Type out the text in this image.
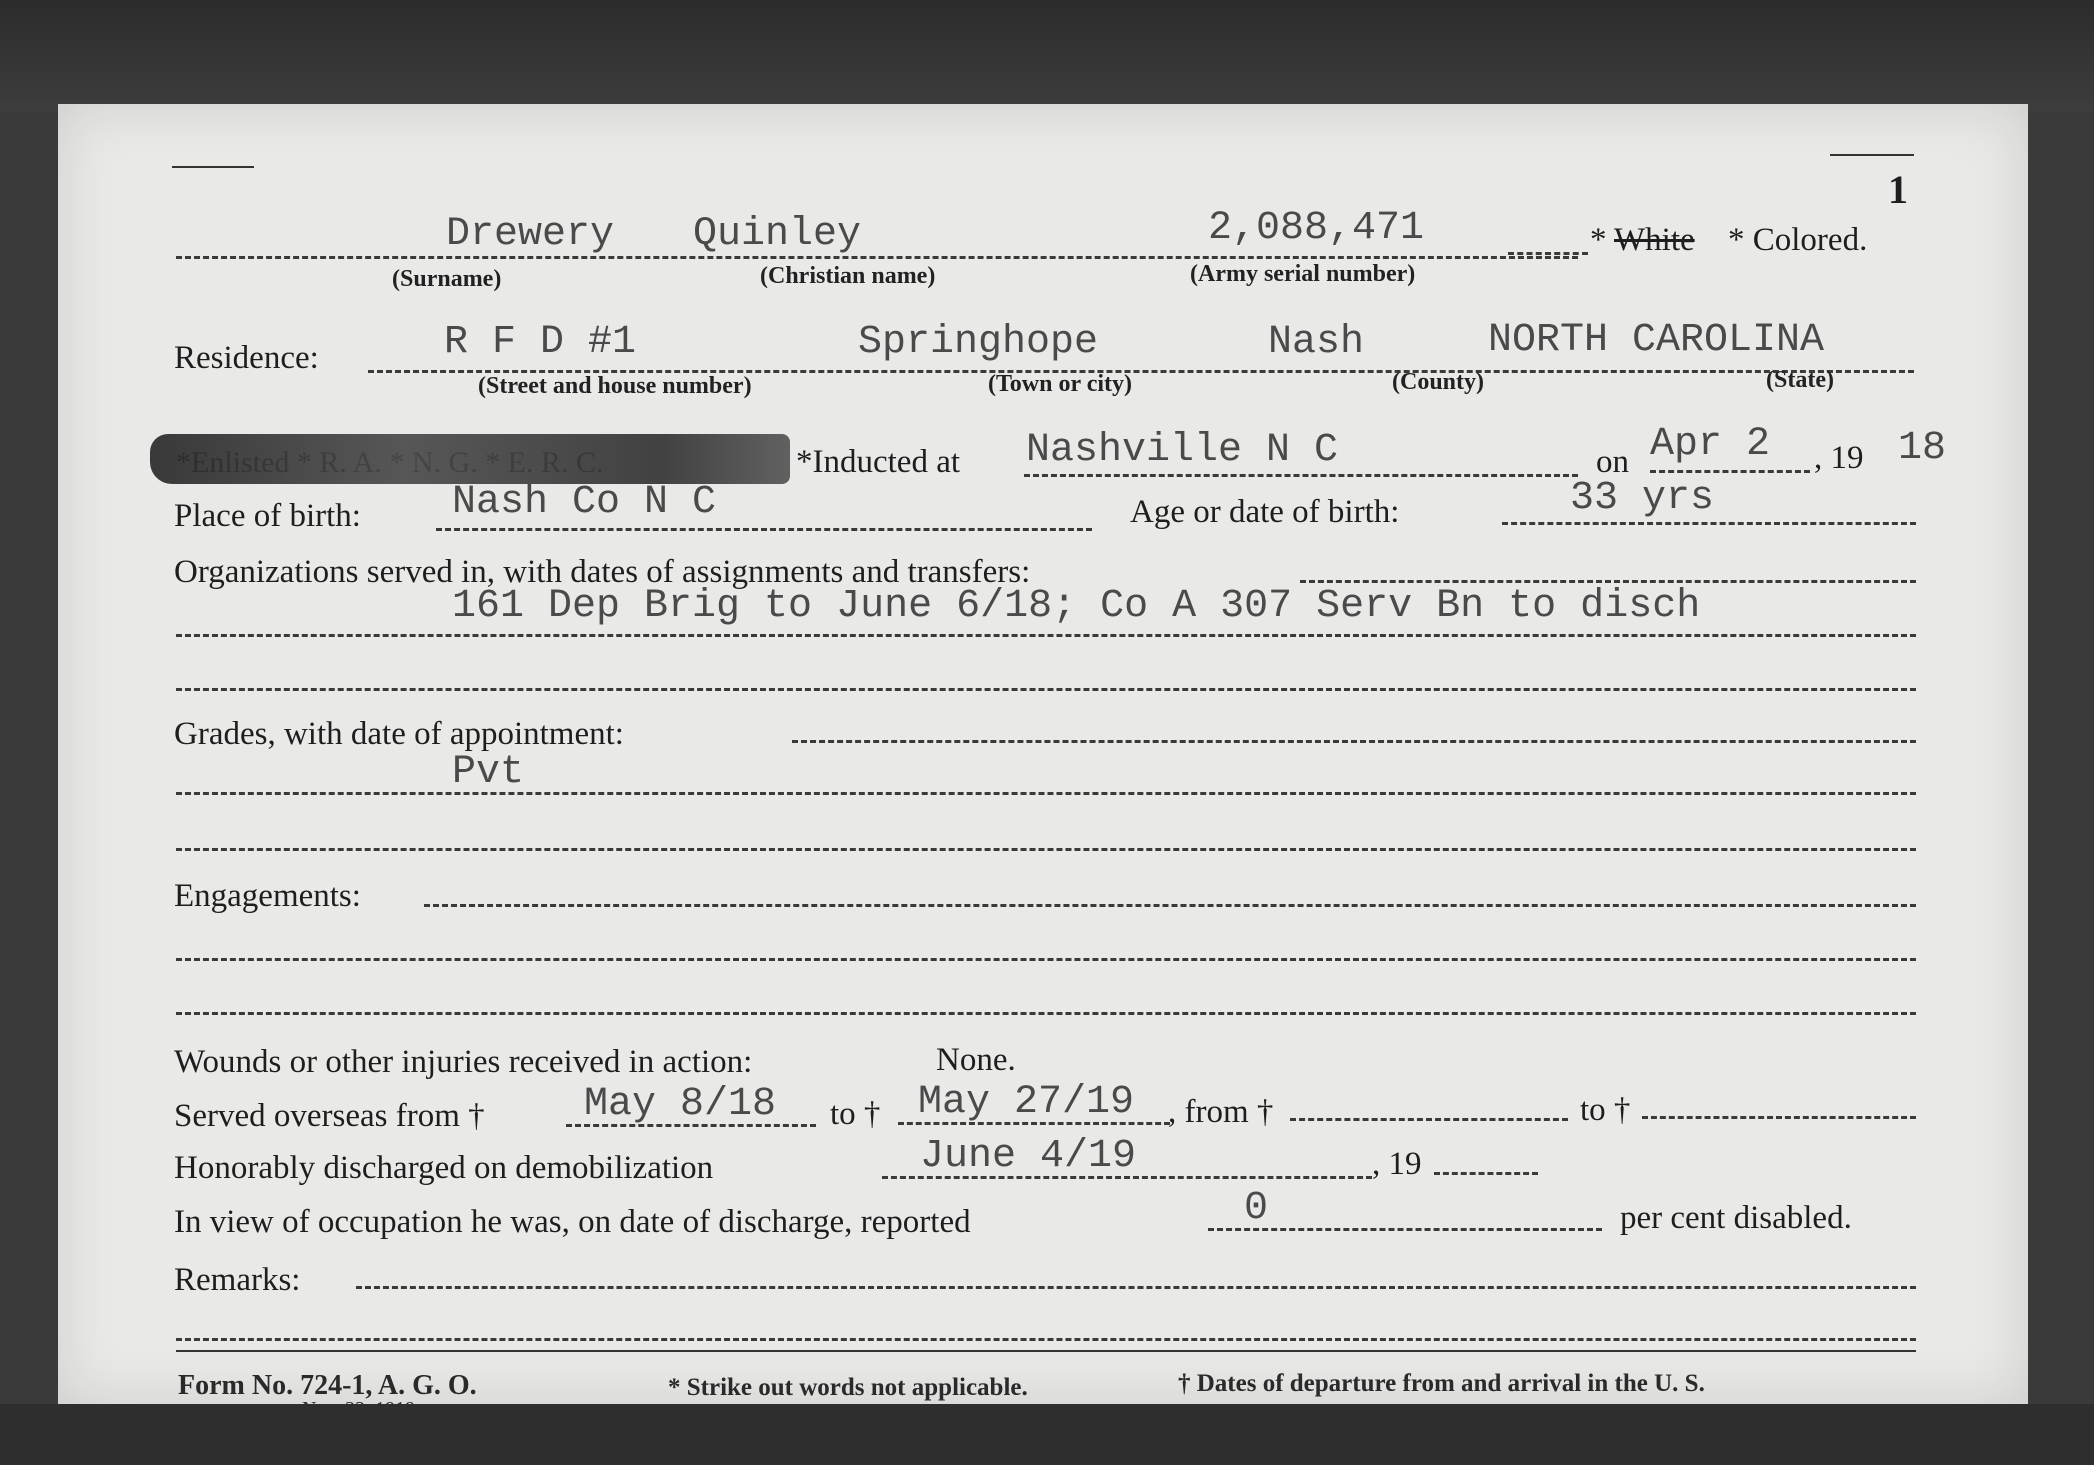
1
Drewery Quinley	2,088,471	* White * Colored.
(Surname)	(Christian name)	(Army serial number)
Residence:	R F D #1	Springhope	Nash	NORTH CAROLINA
(Street and house number)	(Town or city)	(County)	(State)
*Inducted at Nashville N C	on Apr 2 , 19 18
Place of birth: Nash Co N C	Age or date of birth:	33 yrs
Organizations served in, with dates of assignments and transfers:
161 Dep Brig to June 6/18; Co A 307 Serv Bn to disch
Grades, with date of appointment:
Pvt
Engagements:
Wounds or other injuries received in action:	None.
Served overseas from † May 8/18 to † May 27/19 , from †	to †
Honorably discharged on demobilization	June 4/19	, 19
In view of occupation he was, on date of discharge, reported	0	per cent disabled.
Remarks:
Form No. 724-1, A. G. O.	* Strike out words not applicable.	† Dates of departure from and arrival in the U. S.
